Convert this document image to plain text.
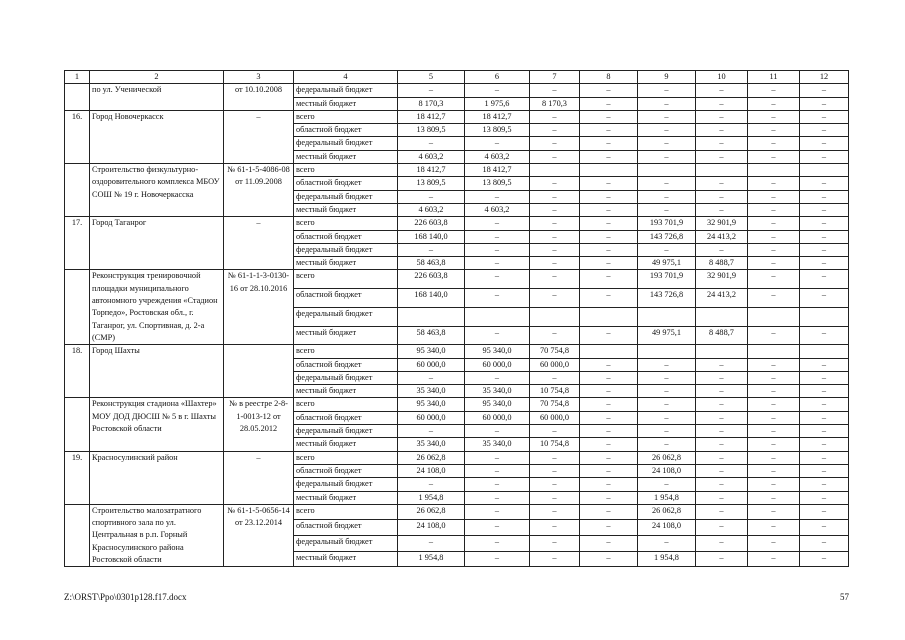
1	2	3	4	5	6	7	8	9	10	11	12
	по ул. Ученической	от 10.10.2008	федеральный бюджет	–	–	–	–	–	–	–	–
			местный бюджет	8 170,3	1 975,6	8 170,3	–	–	–	–	–
16.	Город Новочеркасск	–	всего	18 412,7	18 412,7	–	–	–	–	–	–
			областной бюджет	13 809,5	13 809,5	–	–	–	–	–	–
			федеральный бюджет	–	–	–	–	–	–	–	–
			местный бюджет	4 603,2	4 603,2	–	–	–	–	–	–
	Строительство физкультурно-оздоровительного комплекса МБОУ СОШ № 19 г. Новочеркасска	№ 61-1-5-4086-08 от 11.09.2008	всего	18 412,7	18 412,7						
			областной бюджет	13 809,5	13 809,5	–	–	–	–	–	–
			федеральный бюджет	–	–	–	–	–	–	–	–
			местный бюджет	4 603,2	4 603,2	–	–	–	–	–	–
17.	Город Таганрог	–	всего	226 603,8	–	–	–	193 701,9	32 901,9	–	–
			областной бюджет	168 140,0	–	–	–	143 726,8	24 413,2	–	–
			федеральный бюджет	–	–	–	–	–	–	–	–
			местный бюджет	58 463,8	–	–	–	49 975,1	8 488,7	–	–
	Реконструкция тренировочной площадки муниципального автономного учреждения «Стадион Торпедо», Ростовская обл., г. Таганрог, ул. Спортивная, д. 2-а (СМР)	№ 61-1-1-3-0130-16 от 28.10.2016	всего	226 603,8	–	–	–	193 701,9	32 901,9	–	–
			областной бюджет	168 140,0	–	–	–	143 726,8	24 413,2	–	–
			федеральный бюджет								
			местный бюджет	58 463,8	–	–	–	49 975,1	8 488,7	–	–
18.	Город Шахты		всего	95 340,0	95 340,0	70 754,8					
			областной бюджет	60 000,0	60 000,0	60 000,0	–	–	–	–	–
			федеральный бюджет	–	–	–	–	–	–	–	–
			местный бюджет	35 340,0	35 340,0	10 754,8	–	–	–	–	–
	Реконструкция стадиона «Шахтер» МОУ ДОД ДЮСШ № 5 в г. Шахты Ростовской области	№ в реестре 2-8-1-0013-12 от 28.05.2012	всего	95 340,0	95 340,0	70 754,8	–	–	–	–	–
			областной бюджет	60 000,0	60 000,0	60 000,0	–	–	–	–	–
			федеральный бюджет	–	–	–	–	–	–	–	–
			местный бюджет	35 340,0	35 340,0	10 754,8	–	–	–	–	–
19.	Красносулинский район	–	всего	26 062,8	–	–	–	26 062,8	–	–	–
			областной бюджет	24 108,0	–	–	–	24 108,0	–	–	–
			федеральный бюджет	–	–	–	–	–	–	–	–
			местный бюджет	1 954,8	–	–	–	1 954,8	–	–	–
	Строительство малозатратного спортивного зала по ул. Центральная в р.п. Горный Красносулинского района Ростовской области	№ 61-1-5-0656-14 от 23.12.2014	всего	26 062,8	–	–	–	26 062,8	–	–	–
			областной бюджет	24 108,0	–	–	–	24 108,0	–	–	–
			федеральный бюджет	–	–	–	–	–	–	–	–
			местный бюджет	1 954,8	–	–	–	1 954,8	–	–	–
Z:\ORST\Ppo\0301p128.f17.docx	57
